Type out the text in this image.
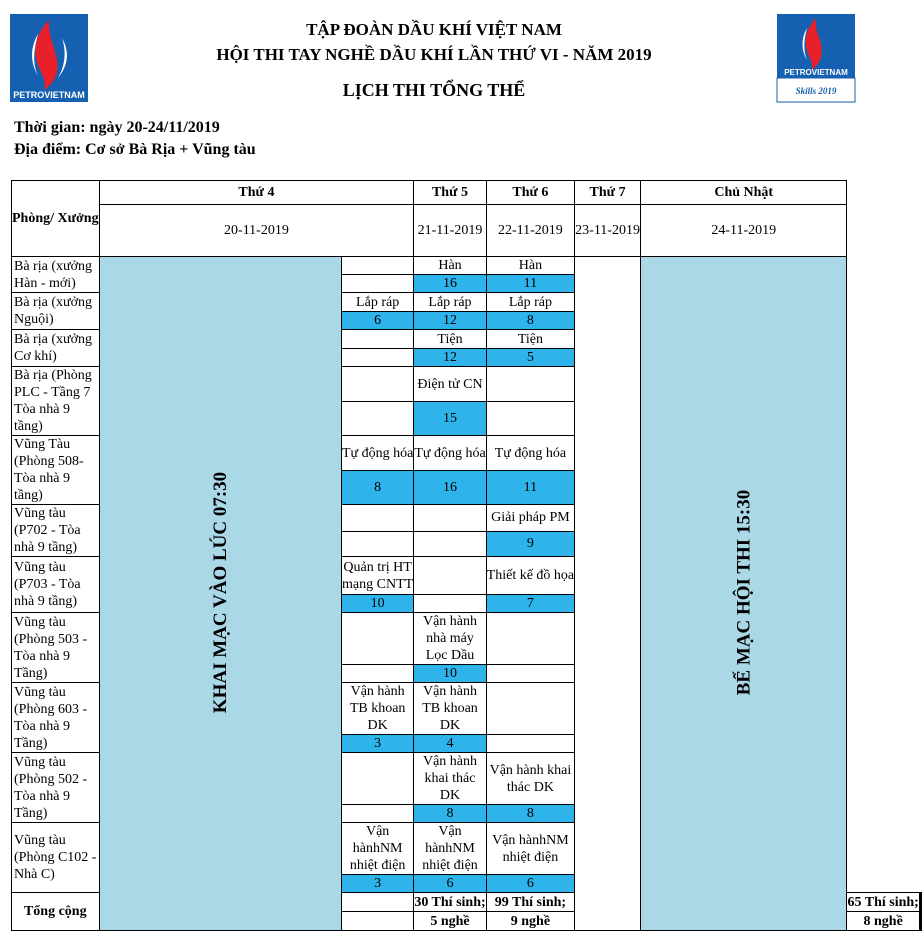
PETROVIETNAM
PETROVIETNAM
Skills 2019
TẬP ĐOÀN DẦU KHÍ VIỆT NAM
HỘI THI TAY NGHỀ DẦU KHÍ LẦN THỨ VI - NĂM 2019
LỊCH THI TỔNG THỂ
Thời gian: ngày 20-24/11/2019
Địa điểm: Cơ sở Bà Rịa + Vũng tàu
Phòng/ Xưởng	Thứ 4		Thứ 5	Thứ 6	Thứ 7	Chủ Nhật		
	20-11-2019		21-11-2019	22-11-2019	23-11-2019	24-11-2019		
Bà rịa (xưởng Hàn - mới)	KHAI MẠC VÀO LÚC 07:30		Hàn	Hàn		BẾ MẠC HỘI THI 15:30		
			16	11				
Bà rịa (xưởng Nguội)		Lắp ráp	Lắp ráp	Lắp ráp				
		6	12	8				
Bà rịa (xưởng Cơ khí)			Tiện	Tiện				
			12	5				
Bà rịa (Phòng PLC - Tầng 7 Tòa nhà 9 tầng)			Điện tử CN					
			15					
Vũng Tàu (Phòng 508- Tòa nhà 9 tầng)		Tự động hóa	Tự động hóa	Tự động hóa				
		8	16	11				
Vũng tàu (P702 - Tòa nhà 9 tầng)				Giải pháp PM				
				9				
Vũng tàu (P703 - Tòa nhà 9 tầng)		Quản trị HT mạng CNTT		Thiết kế đồ họa				
		10		7				
Vũng tàu (Phòng 503 - Tòa nhà 9 Tầng)			Vận hành nhà máy Lọc Dầu					
			10					
Vũng tàu (Phòng 603 - Tòa nhà 9 Tầng)		Vận hành TB khoan DK	Vận hành TB khoan DK					
		3	4					
Vũng tàu (Phòng 502 - Tòa nhà 9 Tầng)			Vận hành khai thác DK	Vận hành khai thác DK				
			8	8				
Vũng tàu (Phòng C102 - Nhà C)		Vận hànhNM nhiệt điện	Vận hànhNM nhiệt điện	Vận hànhNM nhiệt điện				
		3	6	6				
Tổng cộng			30 Thí sinh;	99 Thí sinh;			65 Thí sinh;		
			5 nghề	9 nghề			8 nghề		
